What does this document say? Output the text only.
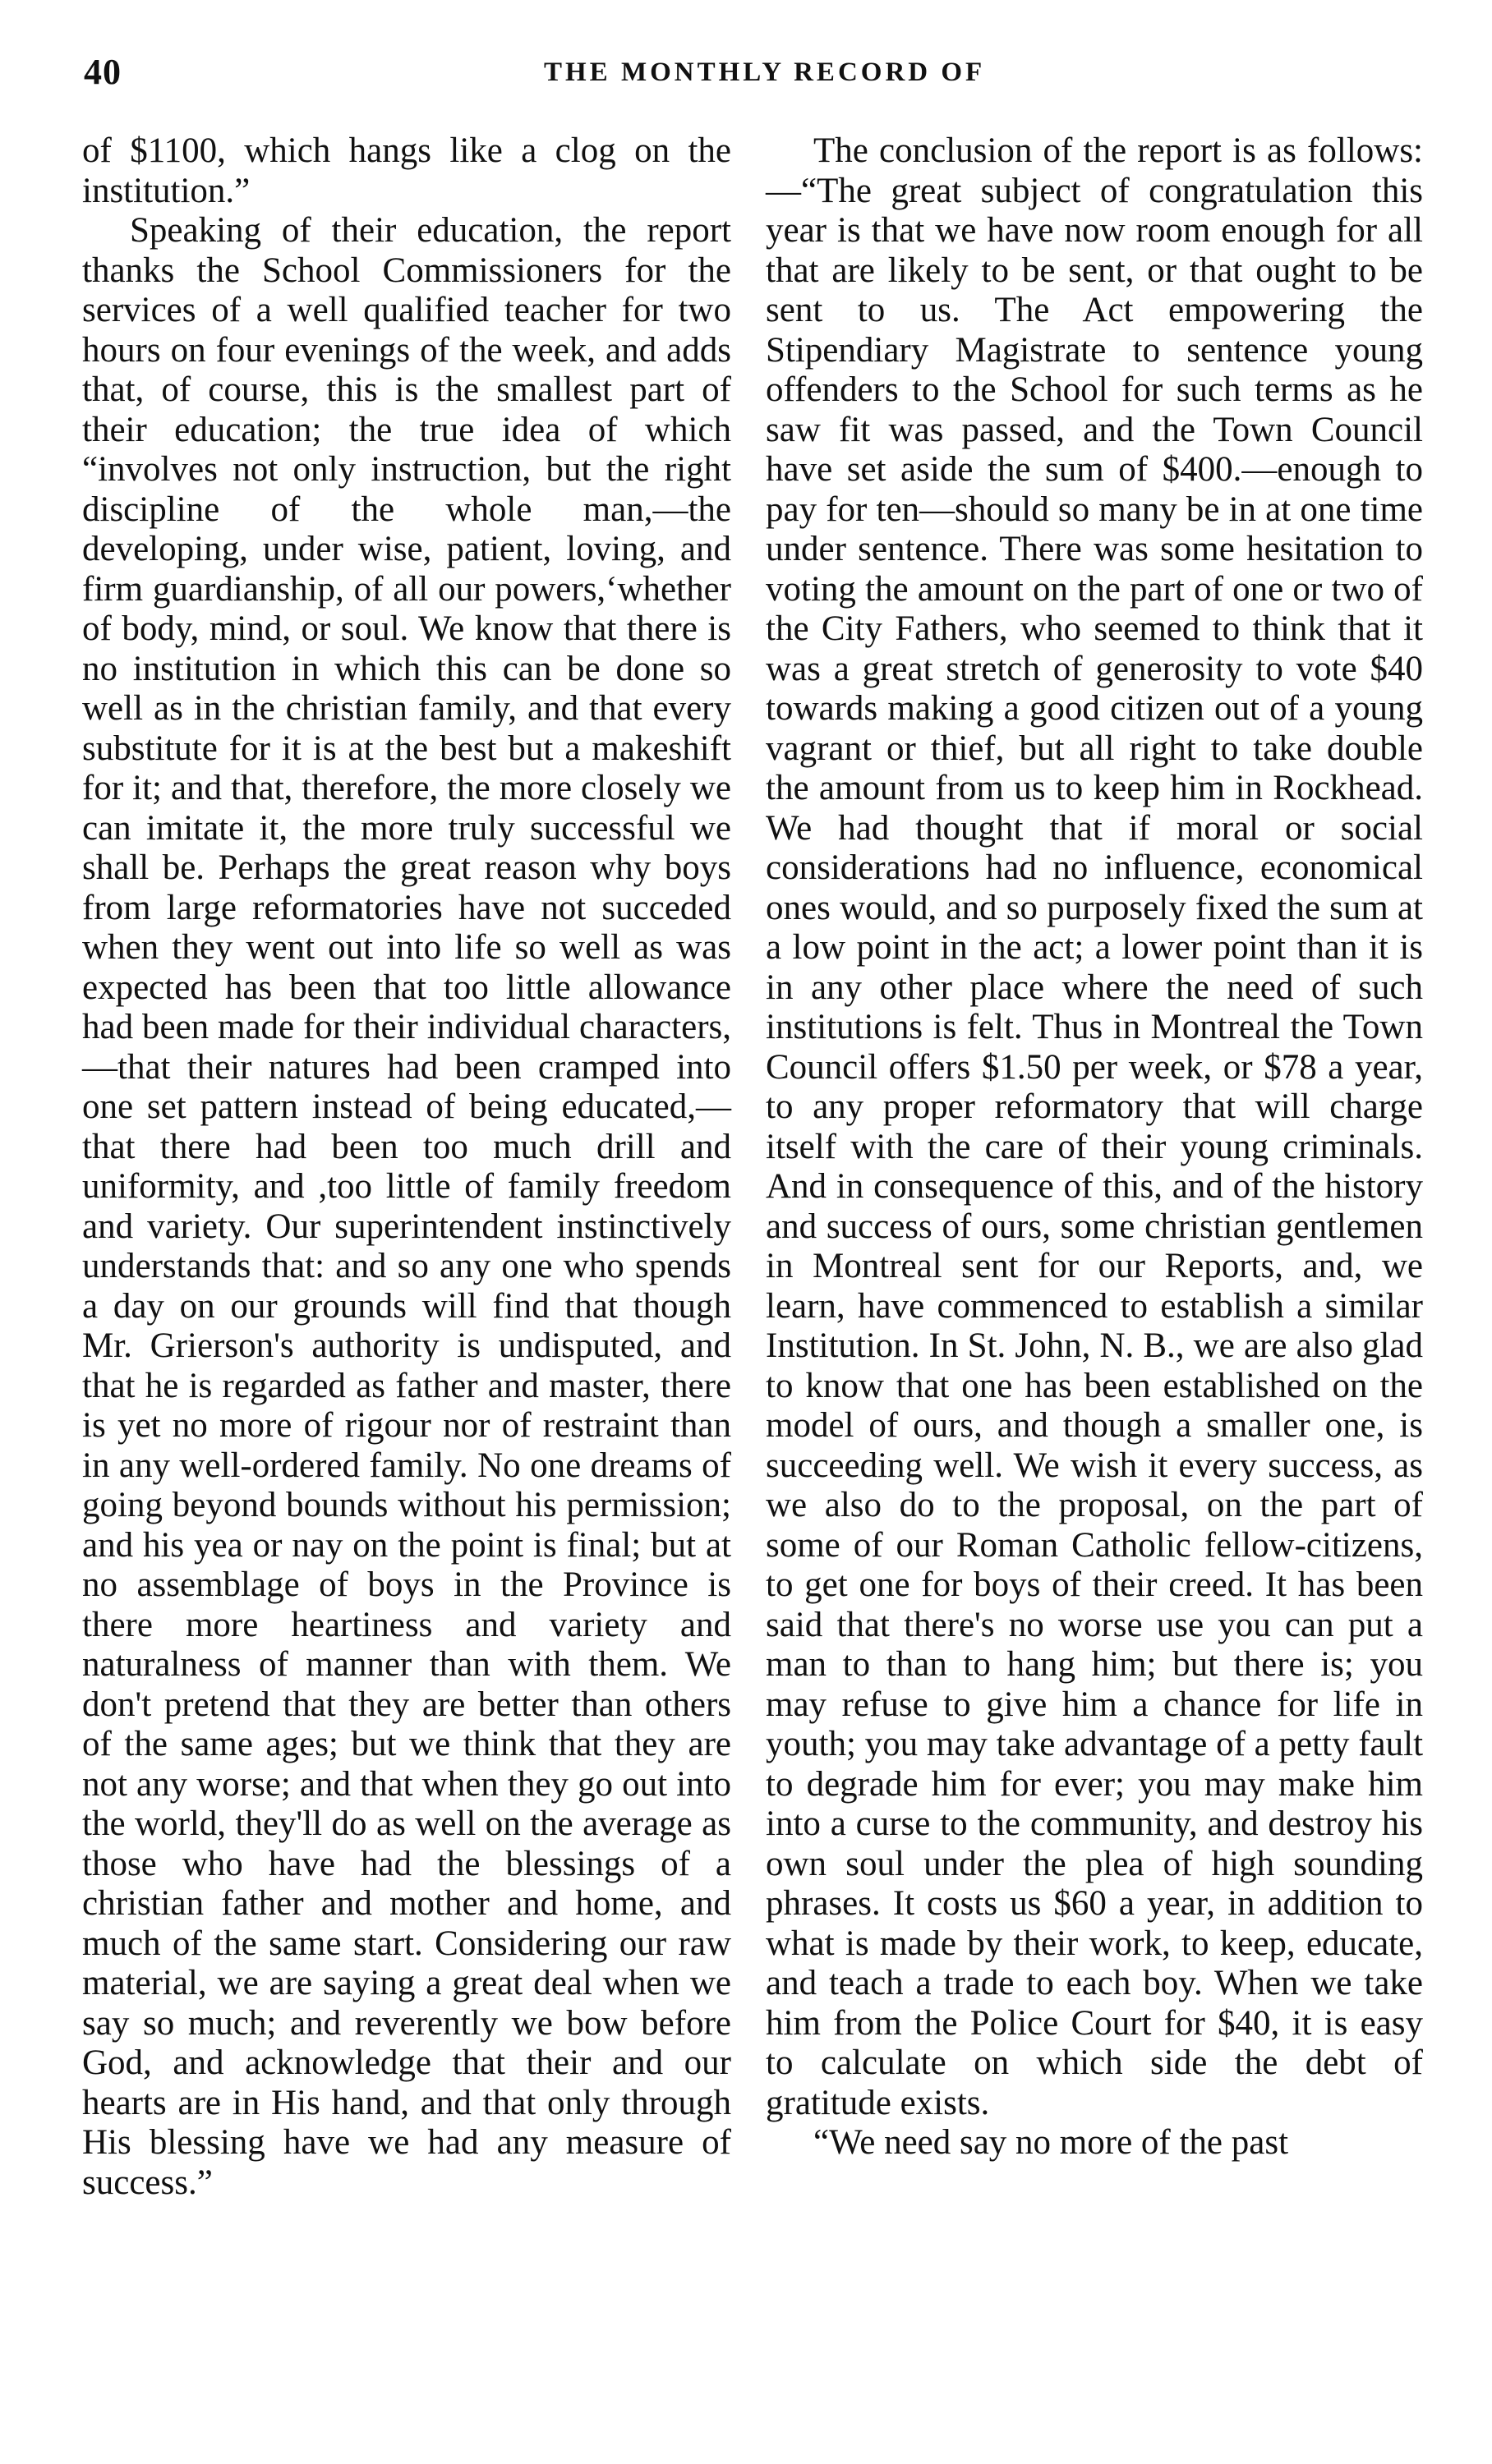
40	THE MONTHLY RECORD OF

of $1100, which hangs like a clog on the institution.”

Speaking of their education, the report thanks the School Commissioners for the services of a well qualified teacher for two hours on four evenings of the week, and adds that, of course, this is the smallest part of their education; the true idea of which “involves not only instruction, but the right discipline of the whole man,—the developing, under wise, patient, loving, and firm guardianship, of all our powers,‘whether of body, mind, or soul. We know that there is no institution in which this can be done so well as in the christian family, and that every substitute for it is at the best but a makeshift for it; and that, therefore, the more closely we can imitate it, the more truly successful we shall be. Perhaps the great reason why boys from large reformatories have not succeded when they went out into life so well as was expected has been that too little allowance had been made for their individual characters,—that their natures had been cramped into one set pattern instead of being educated,—that there had been too much drill and uniformity, and ,too little of family freedom and variety. Our superintendent instinctively understands that: and so any one who spends a day on our grounds will find that though Mr. Grierson's authority is undisputed, and that he is regarded as father and master, there is yet no more of rigour nor of restraint than in any well-ordered family. No one dreams of going beyond bounds without his permission; and his yea or nay on the point is final; but at no assemblage of boys in the Province is there more heartiness and variety and naturalness of manner than with them. We don't pretend that they are better than others of the same ages; but we think that they are not any worse; and that when they go out into the world, they'll do as well on the average as those who have had the blessings of a christian father and mother and home, and much of the same start. Considering our raw material, we are saying a great deal when we say so much; and reverently we bow before God, and acknowledge that their and our hearts are in His hand, and that only through His blessing have we had any measure of success.”

The conclusion of the report is as follows:—“The great subject of congratulation this year is that we have now room enough for all that are likely to be sent, or that ought to be sent to us. The Act empowering the Stipendiary Magistrate to sentence young offenders to the School for such terms as he saw fit was passed, and the Town Council have set aside the sum of $400.—enough to pay for ten—should so many be in at one time under sentence. There was some hesitation to voting the amount on the part of one or two of the City Fathers, who seemed to think that it was a great stretch of generosity to vote $40 towards making a good citizen out of a young vagrant or thief, but all right to take double the amount from us to keep him in Rockhead. We had thought that if moral or social considerations had no influence, economical ones would, and so purposely fixed the sum at a low point in the act; a lower point than it is in any other place where the need of such institutions is felt. Thus in Montreal the Town Council offers $1.50 per week, or $78 a year, to any proper reformatory that will charge itself with the care of their young criminals. And in consequence of this, and of the history and success of ours, some christian gentlemen in Montreal sent for our Reports, and, we learn, have commenced to establish a similar Institution. In St. John, N. B., we are also glad to know that one has been established on the model of ours, and though a smaller one, is succeeding well. We wish it every success, as we also do to the proposal, on the part of some of our Roman Catholic fellow-citizens, to get one for boys of their creed. It has been said that there's no worse use you can put a man to than to hang him; but there is; you may refuse to give him a chance for life in youth; you may take advantage of a petty fault to degrade him for ever; you may make him into a curse to the community, and destroy his own soul under the plea of high sounding phrases. It costs us $60 a year, in addition to what is made by their work, to keep, educate, and teach a trade to each boy. When we take him from the Police Court for $40, it is easy to calculate on which side the debt of gratitude exists.

“We need say no more of the past
